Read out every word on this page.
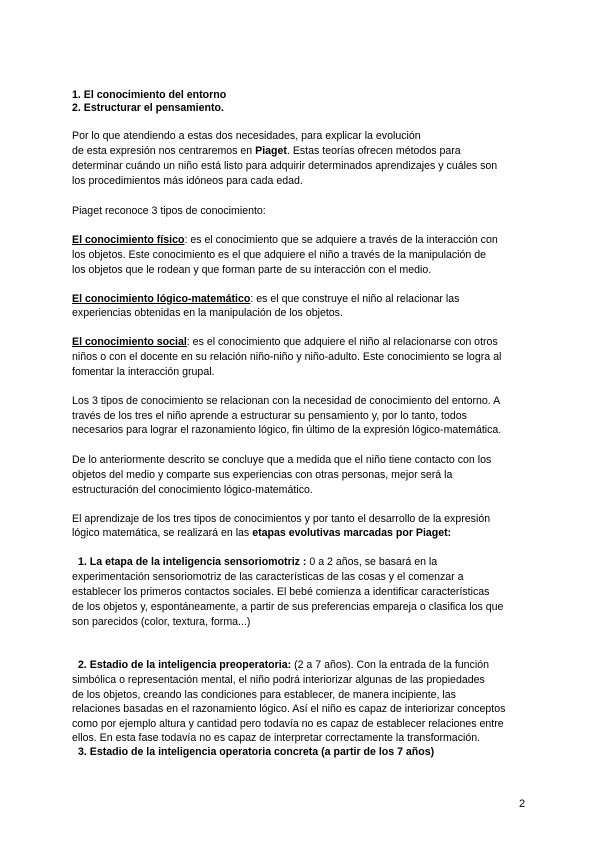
1. El conocimiento del entorno
2. Estructurar el pensamiento.
Por lo que atendiendo a estas dos necesidades, para explicar la evolución
de esta expresión nos centraremos en Piaget. Estas teorías ofrecen métodos para
determinar cuándo un niño está listo para adquirir determinados aprendizajes y cuáles son
los procedimientos más idóneos para cada edad.
Piaget reconoce 3 tipos de conocimiento:
El conocimiento físico: es el conocimiento que se adquiere a través de la interacción con
los objetos. Este conocimiento es el que adquiere el niño a través de la manipulación de
los objetos que le rodean y que forman parte de su interacción con el medio.
El conocimiento lógico-matemático: es el que construye el niño al relacionar las
experiencias obtenidas en la manipulación de los objetos.
El conocimiento social: es el conocimiento que adquiere el niño al relacionarse con otros
niños o con el docente en su relación niño-niño y niño-adulto. Este conocimiento se logra al
fomentar la interacción grupal.
Los 3 tipos de conocimiento se relacionan con la necesidad de conocimiento del entorno. A
través de los tres el niño aprende a estructurar su pensamiento y, por lo tanto, todos
necesarios para lograr el razonamiento lógico, fin último de la expresión lógico-matemática.
De lo anteriormente descrito se concluye que a medida que el niño tiene contacto con los
objetos del medio y comparte sus experiencias con otras personas, mejor será la
estructuración del conocimiento lógico-matemático.
El aprendizaje de los tres tipos de conocimientos y por tanto el desarrollo de la expresión
lógico matemática, se realizará en las etapas evolutivas marcadas por Piaget:
1. La etapa de la inteligencia sensoriomotriz : 0 a 2 años, se basará en la
experimentación sensoriomotriz de las características de las cosas y el comenzar a
establecer los primeros contactos sociales. El bebé comienza a identificar características
de los objetos y, espontáneamente, a partir de sus preferencias empareja o clasifica los que
son parecidos (color, textura, forma...)
2. Estadio de la inteligencia preoperatoria: (2 a 7 años). Con la entrada de la función
simbólica o representación mental, el niño podrá interiorizar algunas de las propiedades
de los objetos, creando las condiciones para establecer, de manera incipiente, las
relaciones basadas en el razonamiento lógico. Así el niño es capaz de interiorizar conceptos
como por ejemplo altura y cantidad pero todavía no es capaz de establecer relaciones entre
ellos. En esta fase todavía no es capaz de interpretar correctamente la transformación.
3. Estadio de la inteligencia operatoria concreta (a partir de los 7 años)
2
